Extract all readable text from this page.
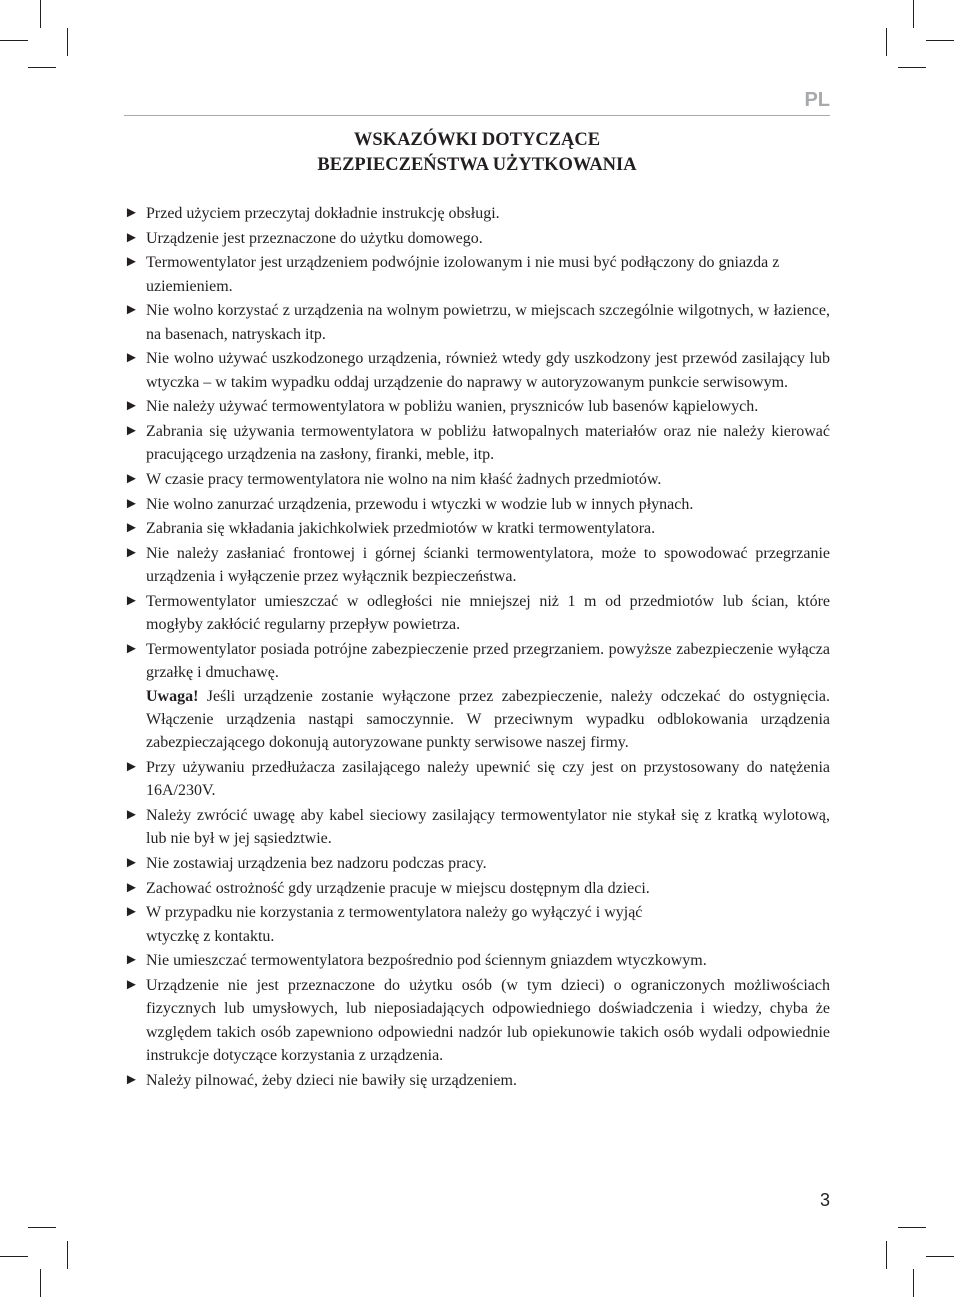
PL
WSKAZÓWKI DOTYCZĄCE
BEZPIECZEŃSTWA UŻYTKOWANIA
► Przed użyciem przeczytaj dokładnie instrukcję obsługi.
► Urządzenie jest przeznaczone do użytku domowego.
► Termowentylator jest urządzeniem podwójnie izolowanym i nie musi być podłączony do gniazda z uziemieniem.
► Nie wolno korzystać z urządzenia na wolnym powietrzu, w miejscach szczególnie wilgotnych, w łazience, na basenach, natryskach itp.
► Nie wolno używać uszkodzonego urządzenia, również wtedy gdy uszkodzony jest przewód zasilający lub wtyczka – w takim wypadku oddaj urządzenie do naprawy w autoryzowanym punkcie serwisowym.
► Nie należy używać termowentylatora w pobliżu wanien, pryszniców lub basenów kąpielowych.
► Zabrania się używania termowentylatora w pobliżu łatwopalnych materiałów oraz nie należy kierować pracującego urządzenia na zasłony, firanki, meble, itp.
► W czasie pracy termowentylatora nie wolno na nim kłaść żadnych przedmiotów.
► Nie wolno zanurzać urządzenia, przewodu i wtyczki w wodzie lub w innych płynach.
► Zabrania się wkładania jakichkolwiek przedmiotów w kratki termowentylatora.
► Nie należy zasłaniać frontowej i górnej ścianki termowentylatora, może to spowodować przegrzanie urządzenia i wyłączenie przez wyłącznik bezpieczeństwa.
► Termowentylator umieszczać w odległości nie mniejszej niż 1 m od przedmiotów lub ścian, które mogłyby zakłócić regularny przepływ powietrza.
► Termowentylator posiada potrójne zabezpieczenie przed przegrzaniem. powyższe zabezpieczenie wyłącza grzałkę i dmuchawę.
Uwaga! Jeśli urządzenie zostanie wyłączone przez zabezpieczenie, należy odczekać do ostygnięcia. Włączenie urządzenia nastąpi samoczynnie. W przeciwnym wypadku odblokowania urządzenia zabezpieczającego dokonują autoryzowane punkty serwisowe naszej firmy.
► Przy używaniu przedłużacza zasilającego należy upewnić się czy jest on przystosowany do natężenia 16A/230V.
► Należy zwrócić uwagę aby kabel sieciowy zasilający termowentylator nie stykał się z kratką wylotową, lub nie był w jej sąsiedztwie.
► Nie zostawiaj urządzenia bez nadzoru podczas pracy.
► Zachować ostrożność gdy urządzenie pracuje w miejscu dostępnym dla dzieci.
► W przypadku nie korzystania z termowentylatora należy go wyłączyć i wyjąć
wtyczkę z kontaktu.
► Nie umieszczać termowentylatora bezpośrednio pod ściennym gniazdem wtyczkowym.
► Urządzenie nie jest przeznaczone do użytku osób (w tym dzieci) o ograniczonych możliwościach fizycznych lub umysłowych, lub nieposiadających odpowiedniego doświadczenia i wiedzy, chyba że względem takich osób zapewniono odpowiedni nadzór lub opiekunowie takich osób wydali odpowiednie instrukcje dotyczące korzystania z urządzenia.
► Należy pilnować, żeby dzieci nie bawiły się urządzeniem.
3
